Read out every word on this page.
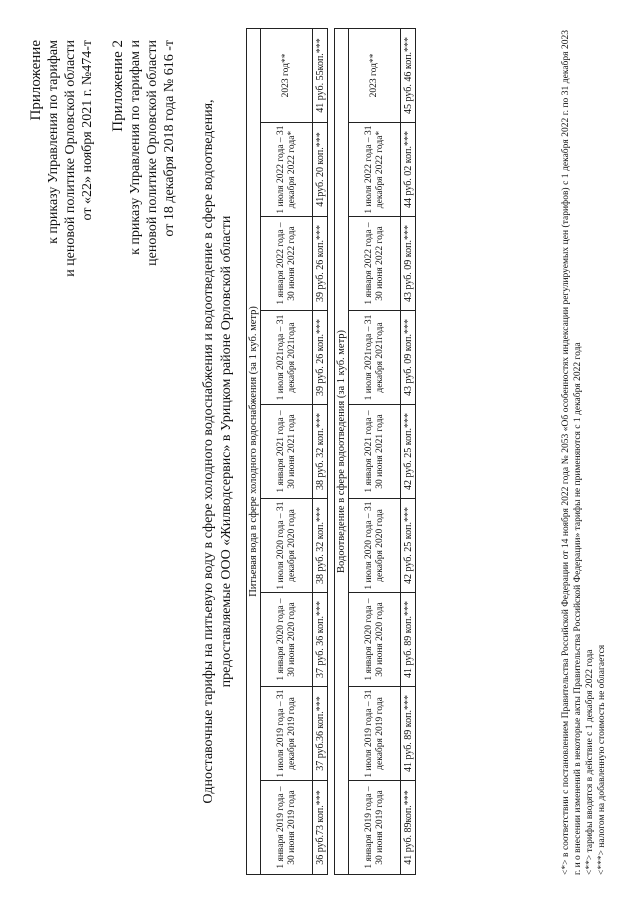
Приложение к приказу Управления по тарифам и ценовой политике Орловской области от «22» ноября 2021 г. №474-т Приложение 2 к приказу Управления по тарифам и ценовой политике Орловской области от 18 декабря 2018 года № 616 -т Одноставочные тарифы на питьевую воду в сфере холодного водоснабжения и водоотведение в сфере водоотведения, предоставляемые ООО «Жилводсервис» в Урицком районе Орловской области Питьевая вода в сфере холодного водоснабжения (за 1 куб. метр)								
1 января 2019 года – 30 июня 2019 года	1 июля 2019 года – 31 декабря 2019 года	1 января 2020 года – 30 июня 2020 года	1 июля 2020 года – 31 декабря 2020 года	1 января 2021 года – 30 июня 2021 года	1 июля 2021года – 31 декабря 2021года	1 января 2022 года – 30 июня 2022 года	1 июля 2022 года – 31 декабря 2022 года*	2023 год**
36 руб.73 коп.***	37 руб.36 коп.***	37 руб. 36 коп.***	38 руб. 32 коп.***	38 руб. 32 коп.***	39 руб. 26 коп.***	39 руб. 26 коп.***	41руб. 20 коп.***	41 руб. 55коп.***

Водоотведение в сфере водоотведения (за 1 куб. метр)								
1 января 2019 года – 30 июня 2019 года	1 июля 2019 года – 31 декабря 2019 года	1 января 2020 года – 30 июня 2020 года	1 июля 2020 года – 31 декабря 2020 года	1 января 2021 года – 30 июня 2021 года	1 июля 2021года – 31 декабря 2021года	1 января 2022 года – 30 июня 2022 года	1 июля 2022 года – 31 декабря 2022 года*	2023 год**
41 руб. 89коп.***	41 руб. 89 коп.***	41 руб. 89 коп.***	42 руб. 25 коп.***	42 руб. 25 коп.***	43 руб. 09 коп.***	43 руб. 09 коп.***	44 руб. 02 коп.***	45 руб. 46 коп.***	<*> в соответствии с постановлением Правительства Российской Федерации от 14 ноября 2022 года № 2053 «Об особенностях индексации регулируемых цен (тарифов) с 1 декабря 2022 г. по 31 декабря 2023 г. и о внесении изменений в некоторые акты Правительства Российской Федерации» тарифы не применяются с 1 декабря 2022 года <**> тарифы вводятся в действие с 1 декабря 2022 года <***> налогом на добавленную стоимость не облагается
